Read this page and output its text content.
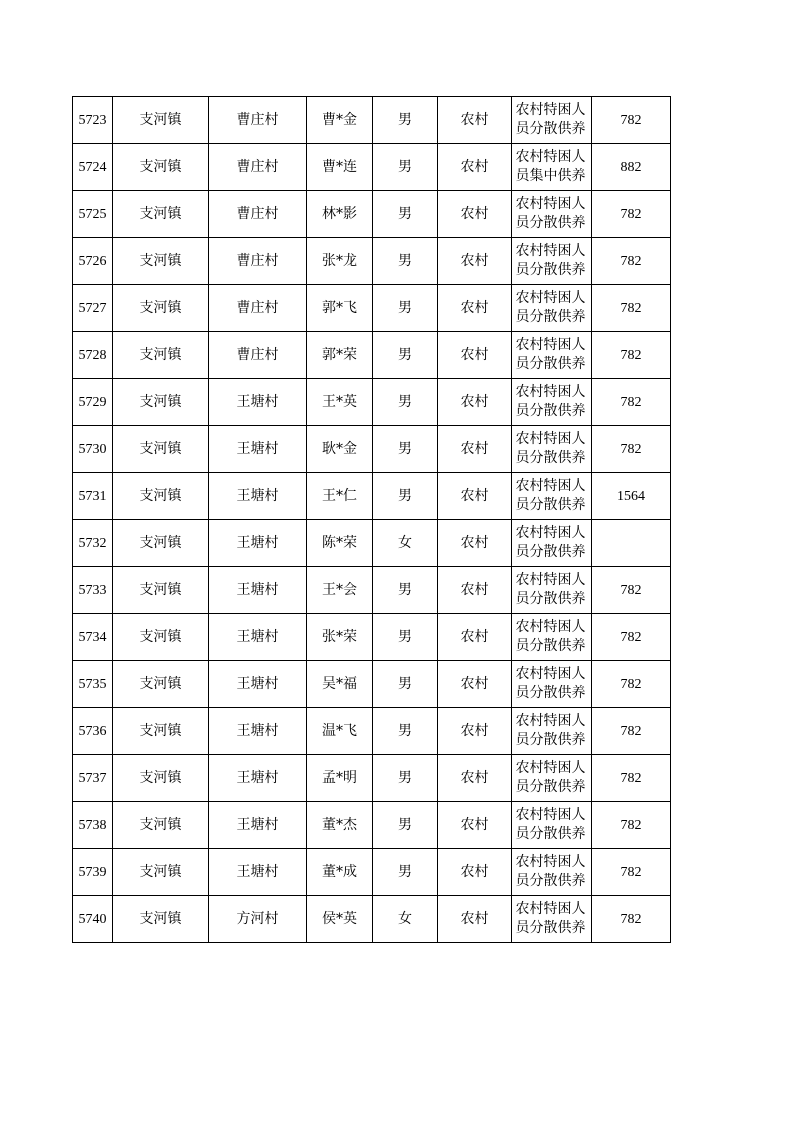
5723	支河镇	曹庄村	曹*金	男	农村	农村特困人员分散供养	782
5724	支河镇	曹庄村	曹*连	男	农村	农村特困人员集中供养	882
5725	支河镇	曹庄村	林*影	男	农村	农村特困人员分散供养	782
5726	支河镇	曹庄村	张*龙	男	农村	农村特困人员分散供养	782
5727	支河镇	曹庄村	郭*飞	男	农村	农村特困人员分散供养	782
5728	支河镇	曹庄村	郭*荣	男	农村	农村特困人员分散供养	782
5729	支河镇	王塘村	王*英	男	农村	农村特困人员分散供养	782
5730	支河镇	王塘村	耿*金	男	农村	农村特困人员分散供养	782
5731	支河镇	王塘村	王*仁	男	农村	农村特困人员分散供养	1564
5732	支河镇	王塘村	陈*荣	女	农村	农村特困人员分散供养	

5733	支河镇	王塘村	王*会	男	农村	农村特困人员分散供养	782
5734	支河镇	王塘村	张*荣	男	农村	农村特困人员分散供养	782
5735	支河镇	王塘村	吴*福	男	农村	农村特困人员分散供养	782
5736	支河镇	王塘村	温*飞	男	农村	农村特困人员分散供养	782
5737	支河镇	王塘村	孟*明	男	农村	农村特困人员分散供养	782
5738	支河镇	王塘村	董*杰	男	农村	农村特困人员分散供养	782
5739	支河镇	王塘村	董*成	男	农村	农村特困人员分散供养	782
5740	支河镇	方河村	侯*英	女	农村	农村特困人员分散供养	782
